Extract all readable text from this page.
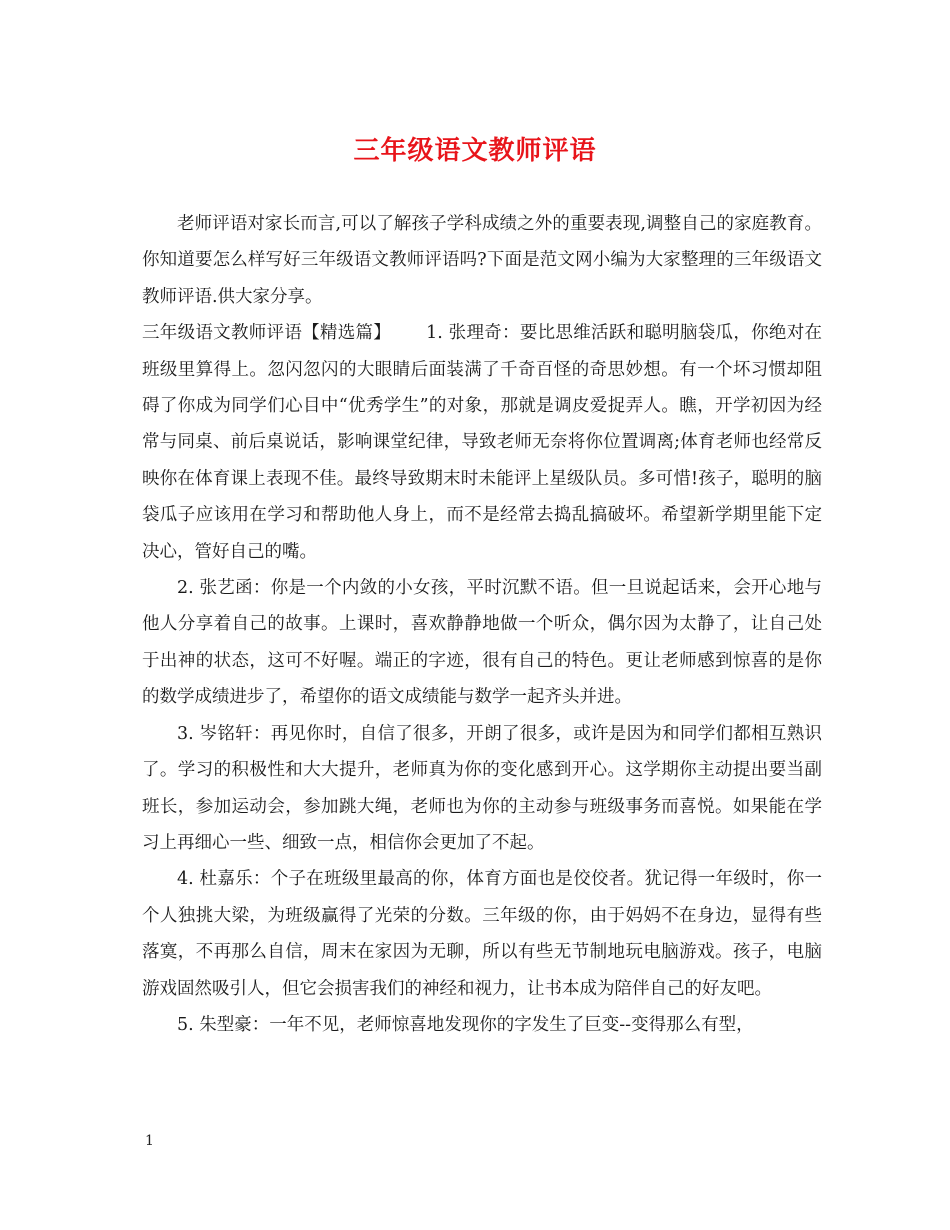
三年级语文教师评语

老师评语对家长而言,可以了解孩子学科成绩之外的重要表现,调整自己的家庭教育。你知道要怎么样写好三年级语文教师评语吗?下面是范文网小编为大家整理的三年级语文教师评语.供大家分享。

三年级语文教师评语【精选篇】   1. 张理奇：要比思维活跃和聪明脑袋瓜，你绝对在班级里算得上。忽闪忽闪的大眼睛后面装满了千奇百怪的奇思妙想。有一个坏习惯却阻碍了你成为同学们心目中“优秀学生”的对象，那就是调皮爱捉弄人。瞧，开学初因为经常与同桌、前后桌说话，影响课堂纪律，导致老师无奈将你位置调离;体育老师也经常反映你在体育课上表现不佳。最终导致期末时未能评上星级队员。多可惜!孩子，聪明的脑袋瓜子应该用在学习和帮助他人身上，而不是经常去捣乱搞破坏。希望新学期里能下定决心，管好自己的嘴。

2. 张艺函：你是一个内敛的小女孩，平时沉默不语。但一旦说起话来，会开心地与他人分享着自己的故事。上课时，喜欢静静地做一个听众，偶尔因为太静了，让自己处于出神的状态，这可不好喔。端正的字迹，很有自己的特色。更让老师感到惊喜的是你的数学成绩进步了，希望你的语文成绩能与数学一起齐头并进。

3. 岑铭轩：再见你时，自信了很多，开朗了很多，或许是因为和同学们都相互熟识了。学习的积极性和大大提升，老师真为你的变化感到开心。这学期你主动提出要当副班长，参加运动会，参加跳大绳，老师也为你的主动参与班级事务而喜悦。如果能在学习上再细心一些、细致一点，相信你会更加了不起。

4. 杜嘉乐：个子在班级里最高的你，体育方面也是佼佼者。犹记得一年级时，你一个人独挑大梁，为班级赢得了光荣的分数。三年级的你，由于妈妈不在身边，显得有些落寞，不再那么自信，周末在家因为无聊，所以有些无节制地玩电脑游戏。孩子，电脑游戏固然吸引人，但它会损害我们的神经和视力，让书本成为陪伴自己的好友吧。

5. 朱型豪：一年不见，老师惊喜地发现你的字发生了巨变--变得那么有型，

1
